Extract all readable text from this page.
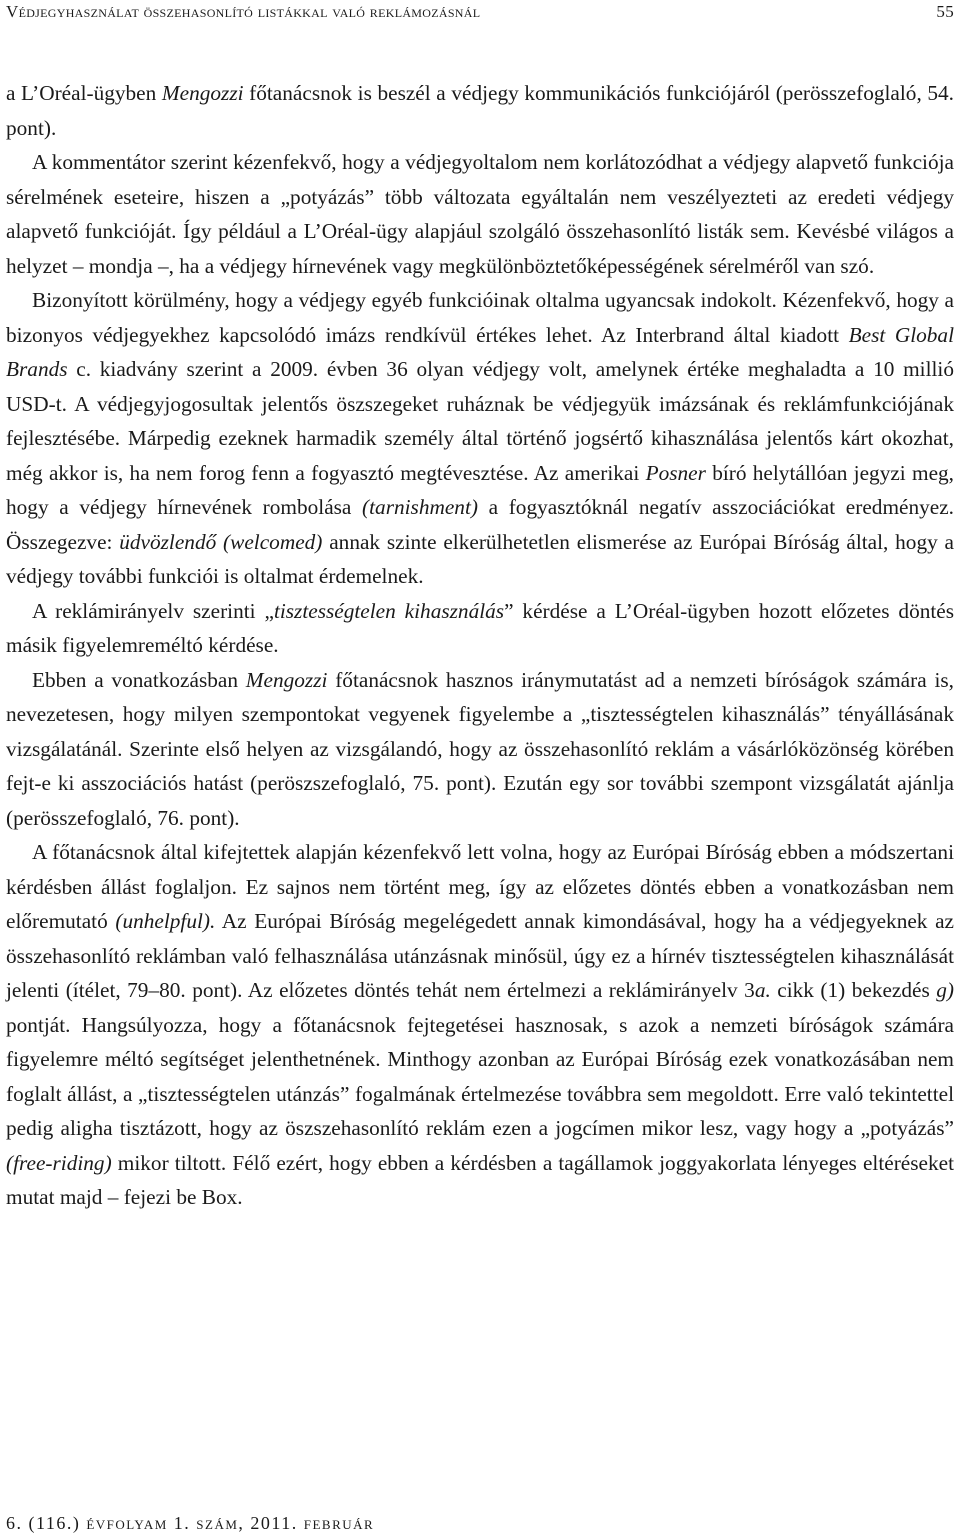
Védjegyhasználat összehasonlító listákkal való reklámozásnál	55

a L’Oréal-ügyben Mengozzi főtanácsnok is beszél a védjegy kommunikációs funkciójáról (perösszefoglaló, 54. pont).

A kommentátor szerint kézenfekvő, hogy a védjegyoltalom nem korlátozódhat a védjegy alapvető funkciója sérelmének eseteire, hiszen a „potyázás” több változata egyáltalán nem veszélyezteti az eredeti védjegy alapvető funkcióját. Így például a L’Oréal-ügy alapjául szolgáló összehasonlító listák sem. Kevésbé világos a helyzet – mondja –, ha a védjegy hírnevének vagy megkülönböztetőképességének sérelméről van szó.

Bizonyított körülmény, hogy a védjegy egyéb funkcióinak oltalma ugyancsak indokolt. Kézenfekvő, hogy a bizonyos védjegyekhez kapcsolódó imázs rendkívül értékes lehet. Az Interbrand által kiadott Best Global Brands c. kiadvány szerint a 2009. évben 36 olyan védjegy volt, amelynek értéke meghaladta a 10 millió USD-t. A védjegyjogosultak jelentős öszszegeket ruháznak be védjegyük imázsának és reklámfunkciójának fejlesztésébe. Márpedig ezeknek harmadik személy által történő jogsértő kihasználása jelentős kárt okozhat, még akkor is, ha nem forog fenn a fogyasztó megtévesztése. Az amerikai Posner bíró helytállóan jegyzi meg, hogy a védjegy hírnevének rombolása (tarnishment) a fogyasztóknál negatív asszociációkat eredményez. Összegezve: üdvözlendő (welcomed) annak szinte elkerülhetetlen elismerése az Európai Bíróság által, hogy a védjegy további funkciói is oltalmat érdemelnek.

A reklámirányelv szerinti „tisztességtelen kihasználás” kérdése a L’Oréal-ügyben hozott előzetes döntés másik figyelemreméltó kérdése.

Ebben a vonatkozásban Mengozzi főtanácsnok hasznos iránymutatást ad a nemzeti bíróságok számára is, nevezetesen, hogy milyen szempontokat vegyenek figyelembe a „tisztességtelen kihasználás” tényállásának vizsgálatánál. Szerinte első helyen az vizsgálandó, hogy az összehasonlító reklám a vásárlóközönség körében fejt-e ki asszociációs hatást (peröszszefoglaló, 75. pont). Ezután egy sor további szempont vizsgálatát ajánlja (perösszefoglaló, 76. pont).

A főtanácsnok által kifejtettek alapján kézenfekvő lett volna, hogy az Európai Bíróság ebben a módszertani kérdésben állást foglaljon. Ez sajnos nem történt meg, így az előzetes döntés ebben a vonatkozásban nem előremutató (unhelpful). Az Európai Bíróság megelégedett annak kimondásával, hogy ha a védjegyeknek az összehasonlító reklámban való felhasználása utánzásnak minősül, úgy ez a hírnév tisztességtelen kihasználását jelenti (ítélet, 79–80. pont). Az előzetes döntés tehát nem értelmezi a reklámirányelv 3a. cikk (1) bekezdés g) pontját. Hangsúlyozza, hogy a főtanácsnok fejtegetései hasznosak, s azok a nemzeti bíróságok számára figyelemre méltó segítséget jelenthetnének. Minthogy azonban az Európai Bíróság ezek vonatkozásában nem foglalt állást, a „tisztességtelen utánzás” fogalmának értelmezése továbbra sem megoldott. Erre való tekintettel pedig aligha tisztázott, hogy az öszszehasonlító reklám ezen a jogcímen mikor lesz, vagy hogy a „potyázás” (free-riding) mikor tiltott. Félő ezért, hogy ebben a kérdésben a tagállamok joggyakorlata lényeges eltéréseket mutat majd – fejezi be Box.

6. (116.) évfolyam 1. szám, 2011. február
